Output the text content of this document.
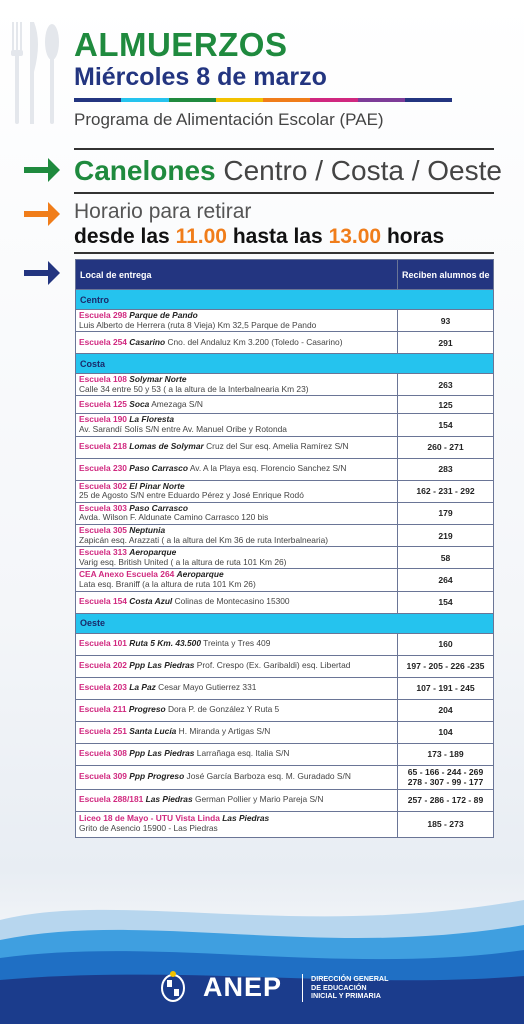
ALMUERZOS
Miércoles 8 de marzo
Programa de Alimentación Escolar (PAE)
Canelones Centro / Costa / Oeste
Horario para retirar
desde las 11.00 hasta las 13.00 horas
Local de entrega	Reciben alumnos de
Centro	
Escuela 298 Parque de Pando
Luis Alberto de Herrera (ruta 8 Vieja) Km 32,5 Parque de Pando	93
Escuela 254 Casarino Cno. del Andaluz Km 3.200 (Toledo - Casarino)	291
Costa	
Escuela 108 Solymar Norte
Calle 34 entre 50 y 53 ( a la altura de la Interbalnearia Km 23)	263
Escuela 125 Soca Amezaga S/N	125
Escuela 190 La Floresta
Av. Sarandí Solís S/N entre Av. Manuel Oribe y Rotonda	154
Escuela 218 Lomas de Solymar Cruz del Sur esq. Amelia Ramírez S/N	260 - 271
Escuela 230 Paso Carrasco Av. A la Playa esq. Florencio Sanchez S/N	283
Escuela 302 El Pinar Norte
25 de Agosto S/N entre Eduardo Pérez y José Enrique Rodó	162 - 231 - 292
Escuela 303 Paso Carrasco
Avda. Wilson F. Aldunate Camino Carrasco 120 bis	179
Escuela 305 Neptunia
Zapicán esq. Arazzati ( a la altura del Km 36 de ruta Interbalnearia)	219
Escuela 313 Aeroparque
Varig esq. British United ( a la altura de ruta 101 Km 26)	58
CEA Anexo Escuela 264 Aeroparque
Lata esq. Braniff (a la altura de ruta 101 Km 26)	264
Escuela 154 Costa Azul Colinas de Montecasino 15300	154
Oeste	
Escuela 101 Ruta 5 Km. 43.500 Treinta y Tres 409	160
Escuela 202 Ppp Las Piedras Prof. Crespo (Ex. Garibaldi) esq. Libertad	197 - 205 - 226 -235
Escuela 203 La Paz Cesar Mayo Gutierrez 331	107 - 191 - 245
Escuela 211 Progreso Dora P. de González Y Ruta 5	204
Escuela 251 Santa Lucía H. Miranda y Artigas S/N	104
Escuela 308 Ppp Las Piedras Larrañaga esq. Italia S/N	173 - 189
Escuela 309 Ppp Progreso José García Barboza esq. M. Guradado S/N	65 - 166 - 244 - 269
278 - 307 - 99 - 177
Escuela 288/181 Las Piedras German Pollier y Mario Pareja S/N	257 - 286 - 172 - 89
Liceo 18 de Mayo - UTU Vista Linda Las Piedras
Grito de Asencio 15900 - Las Piedras	185 - 273
ANEP	DIRECCIÓN GENERAL
DE EDUCACIÓN
INICIAL Y PRIMARIA
